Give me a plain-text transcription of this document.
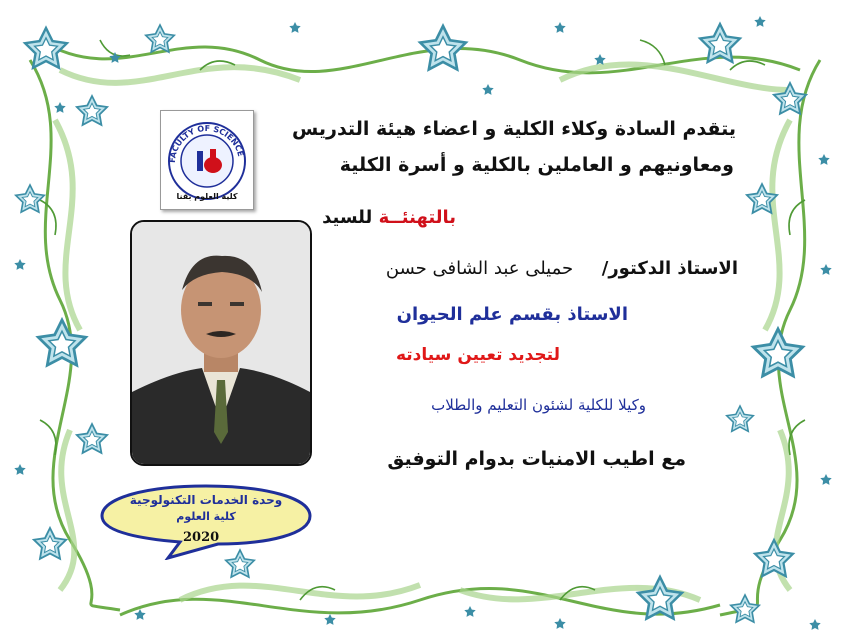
FACULTY OF SCIENCE
كلية العلوم بقنا
يتقدم السادة وكلاء الكلية و اعضاء هيئة التدريس
ومعاونيهم و العاملين بالكلية و أسرة الكلية
بالتهنئــة للسيد
الاستاذ الدكتور/     حميلى عبد الشافى حسن
الاستاذ بقسم علم الحيوان
لتجديد تعيين سيادته
وكيلا للكلية لشئون التعليم والطلاب
مع اطيب الامنيات بدوام التوفيق
وحدة الخدمات التكنولوجية
كلية العلوم
2020
